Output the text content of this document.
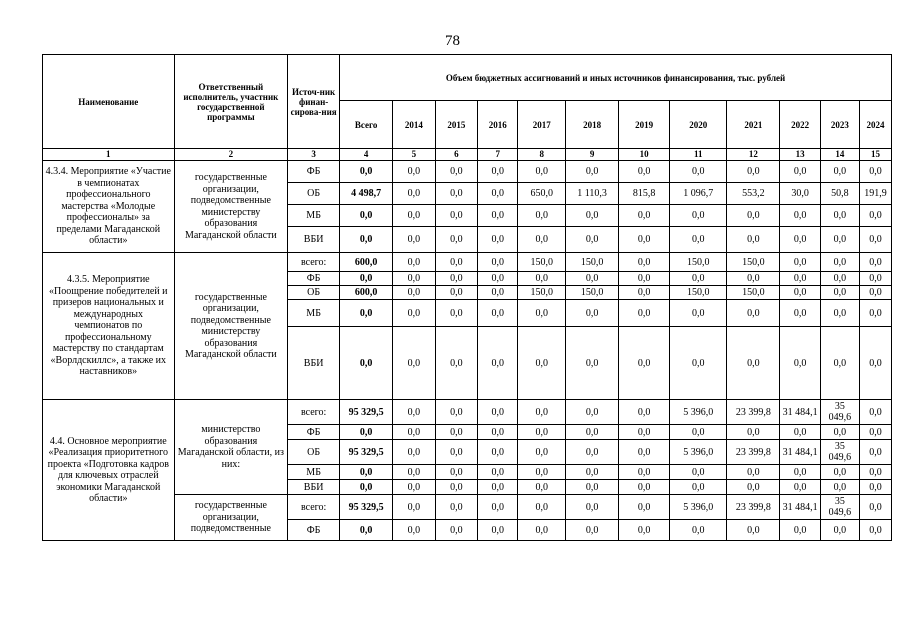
78
Наименование	Ответственный исполнитель, участник государственной программы	Источ-ник финан-сирова-ния	Объем бюджетных ассигнований и иных источников финансирования, тыс. рублей											
			Всего	2014	2015	2016	2017	2018	2019	2020	2021	2022	2023	2024
1	2	3	4	5	6	7	8	9	10	11	12	13	14	15
4.3.4. Мероприятие «Участие в чемпионатах профессионального мастерства «Молодые профессионалы» за пределами Магаданской области»	государственные организации, подведомственные министерству образования Магаданской области	ФБ	0,0	0,0	0,0	0,0	0,0	0,0	0,0	0,0	0,0	0,0	0,0	0,0
		ОБ	4 498,7	0,0	0,0	0,0	650,0	1 110,3	815,8	1 096,7	553,2	30,0	50,8	191,9
		МБ	0,0	0,0	0,0	0,0	0,0	0,0	0,0	0,0	0,0	0,0	0,0	0,0
		ВБИ	0,0	0,0	0,0	0,0	0,0	0,0	0,0	0,0	0,0	0,0	0,0	0,0
4.3.5. Мероприятие «Поощрение победителей и призеров национальных и международных чемпионатов по профессиональному мастерству по стандартам «Ворлдскиллс», а также их наставников»	государственные организации, подведомственные министерству образования Магаданской области	всего:	600,0	0,0	0,0	0,0	150,0	150,0	0,0	150,0	150,0	0,0	0,0	0,0
		ФБ	0,0	0,0	0,0	0,0	0,0	0,0	0,0	0,0	0,0	0,0	0,0	0,0
		ОБ	600,0	0,0	0,0	0,0	150,0	150,0	0,0	150,0	150,0	0,0	0,0	0,0
		МБ	0,0	0,0	0,0	0,0	0,0	0,0	0,0	0,0	0,0	0,0	0,0	0,0
		ВБИ	0,0	0,0	0,0	0,0	0,0	0,0	0,0	0,0	0,0	0,0	0,0	0,0
4.4. Основное мероприятие «Реализация приоритетного проекта «Подготовка кадров для ключевых отраслей экономики Магаданской области»	министерство образования Магаданской области, из них:	всего:	95 329,5	0,0	0,0	0,0	0,0	0,0	0,0	5 396,0	23 399,8	31 484,1	35 049,6	0,0
		ФБ	0,0	0,0	0,0	0,0	0,0	0,0	0,0	0,0	0,0	0,0	0,0	0,0
		ОБ	95 329,5	0,0	0,0	0,0	0,0	0,0	0,0	5 396,0	23 399,8	31 484,1	35 049,6	0,0
		МБ	0,0	0,0	0,0	0,0	0,0	0,0	0,0	0,0	0,0	0,0	0,0	0,0
		ВБИ	0,0	0,0	0,0	0,0	0,0	0,0	0,0	0,0	0,0	0,0	0,0	0,0
	государственные организации, подведомственные	всего:	95 329,5	0,0	0,0	0,0	0,0	0,0	0,0	5 396,0	23 399,8	31 484,1	35 049,6	0,0
		ФБ	0,0	0,0	0,0	0,0	0,0	0,0	0,0	0,0	0,0	0,0	0,0	0,0
